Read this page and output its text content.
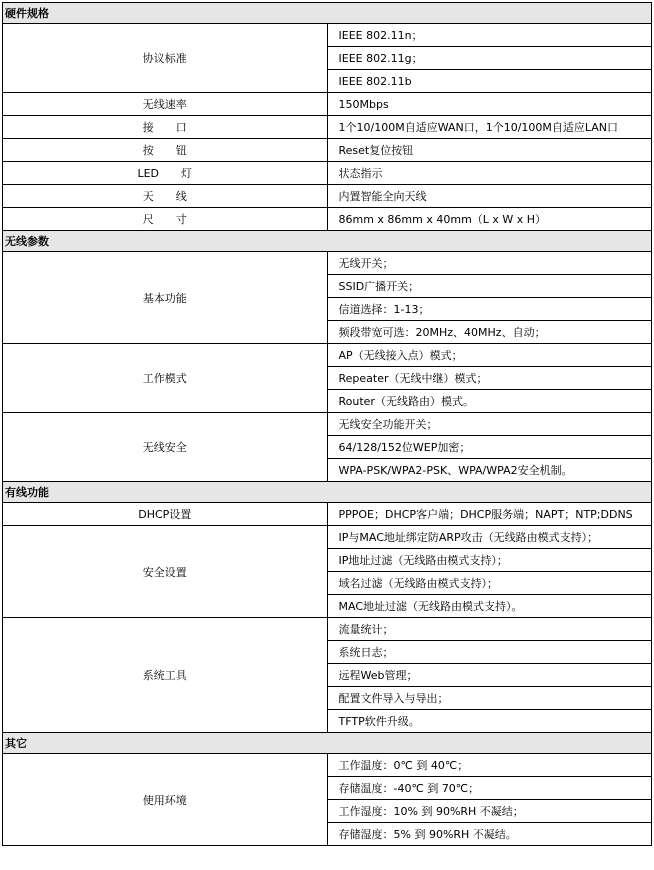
硬件规格	
协议标准	IEEE 802.11n；
	IEEE 802.11g；
	IEEE 802.11b
无线速率	150Mbps
接　　口	1个10/100M自适应WAN口，1个10/100M自适应LAN口
按　　钮	Reset复位按钮
LED　　灯	状态指示
天　　线	内置智能全向天线
尺　　寸	86mm x 86mm x 40mm（L x W x H）
无线参数	
基本功能	无线开关；
	SSID广播开关；
	信道选择：1-13；
	频段带宽可选：20MHz、40MHz、自动；
工作模式	AP（无线接入点）模式；
	Repeater（无线中继）模式；
	Router（无线路由）模式。
无线安全	无线安全功能开关；
	64/128/152位WEP加密；
	WPA-PSK/WPA2-PSK、WPA/WPA2安全机制。
有线功能	
DHCP设置	PPPOE；DHCP客户端；DHCP服务端；NAPT；NTP;DDNS
安全设置	IP与MAC地址绑定防ARP攻击（无线路由模式支持）；
	IP地址过滤（无线路由模式支持）；
	域名过滤（无线路由模式支持）；
	MAC地址过滤（无线路由模式支持）。
系统工具	流量统计；
	系统日志；
	远程Web管理；
	配置文件导入与导出；
	TFTP软件升级。
其它	
使用环境	工作温度：0℃ 到 40℃；
	存储温度：-40℃ 到 70℃；
	工作湿度：10% 到 90%RH 不凝结；
	存储湿度：5% 到 90%RH 不凝结。
